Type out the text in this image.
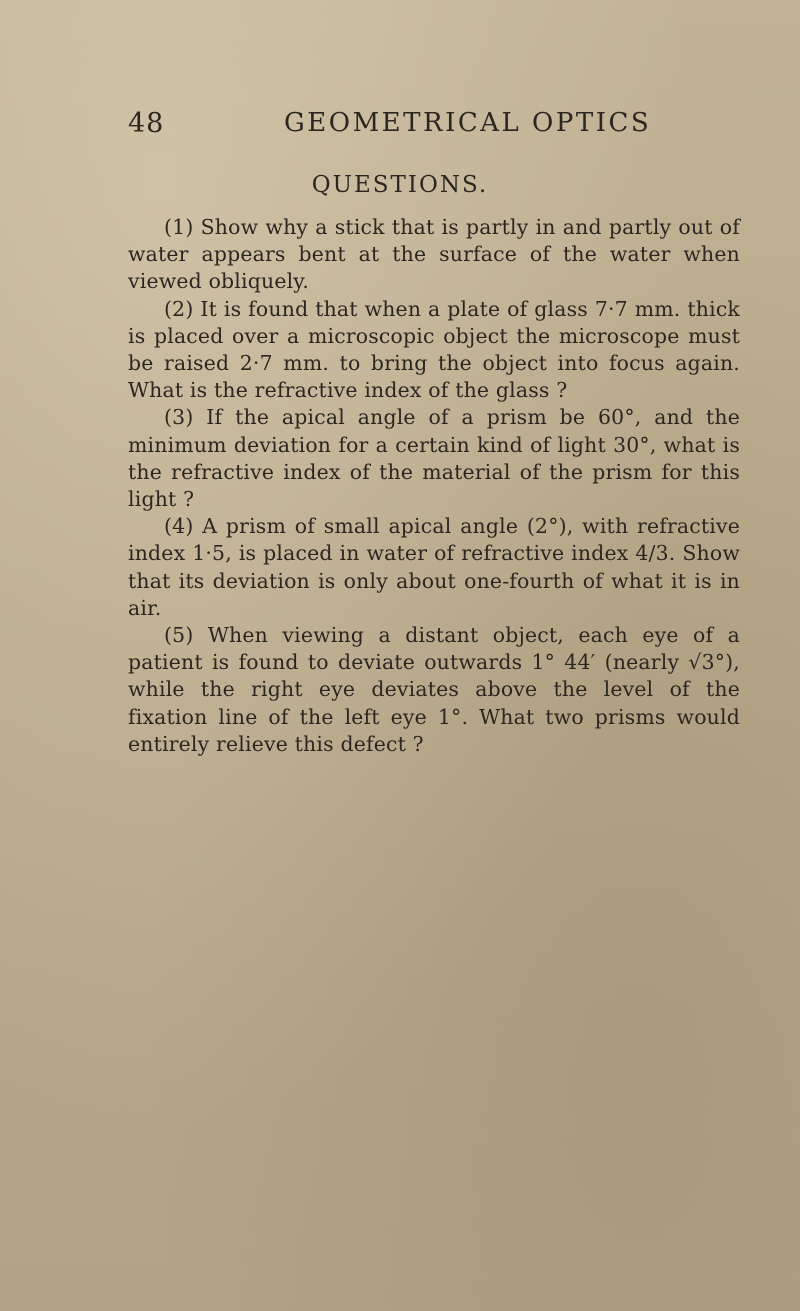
48	GEOMETRICAL OPTICS
QUESTIONS.

(1) Show why a stick that is partly in and partly out of water appears bent at the surface of the water when viewed obliquely.

(2) It is found that when a plate of glass 7·7 mm. thick is placed over a microscopic object the microscope must be raised 2·7 mm. to bring the object into focus again. What is the refractive index of the glass ?

(3) If the apical angle of a prism be 60°, and the minimum deviation for a certain kind of light 30°, what is the refractive index of the material of the prism for this light ?

(4) A prism of small apical angle (2°), with refractive index 1·5, is placed in water of refractive index 4/3. Show that its deviation is only about one-fourth of what it is in air.

(5) When viewing a distant object, each eye of a patient is found to deviate outwards 1° 44′ (nearly √3°), while the right eye deviates above the level of the fixation line of the left eye 1°. What two prisms would entirely relieve this defect ?
